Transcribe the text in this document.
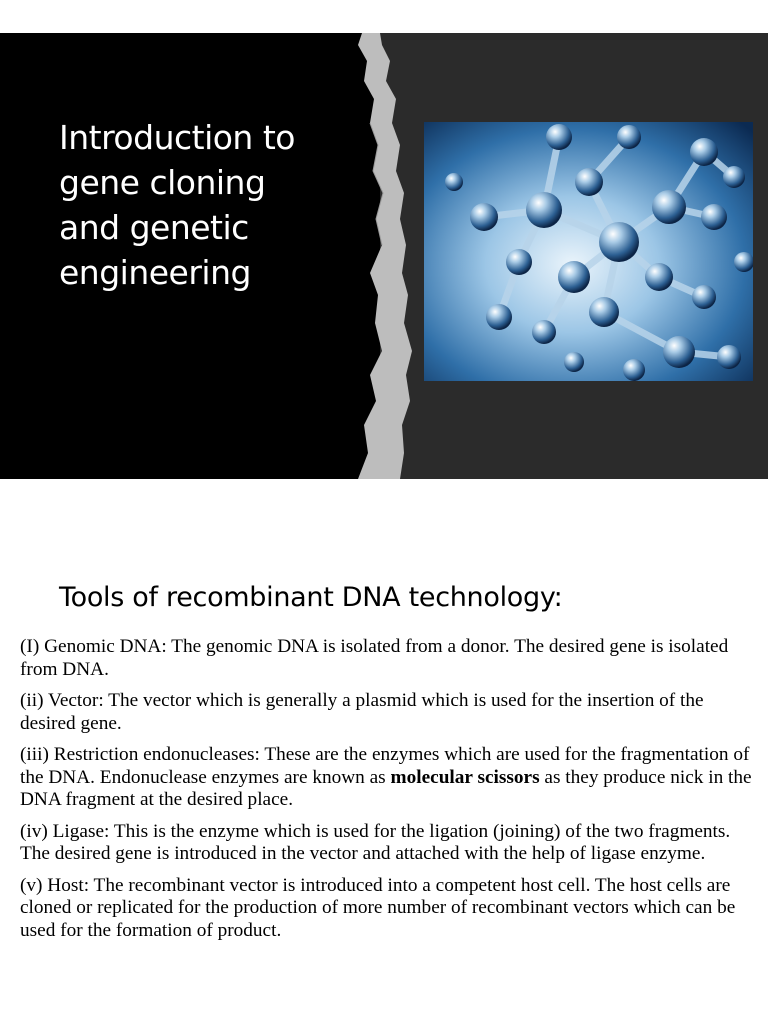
Introduction to
gene cloning
and genetic
engineering
Tools of recombinant DNA technology:

(I) Genomic DNA: The genomic DNA is isolated from a donor. The desired gene is isolated from DNA.

(ii) Vector: The vector which is generally a plasmid which is used for the insertion of the desired gene.

(iii) Restriction endonucleases: These are the enzymes which are used for the fragmentation of the DNA. Endonuclease enzymes are known as molecular scissors as they produce nick in the DNA fragment at the desired place.

(iv) Ligase: This is the enzyme which is used for the ligation (joining) of the two fragments. The desired gene is introduced in the vector and attached with the help of ligase enzyme.

(v) Host: The recombinant vector is introduced into a competent host cell. The host cells are cloned or replicated for the production of more number of recombinant vectors which can be used for the formation of product.
